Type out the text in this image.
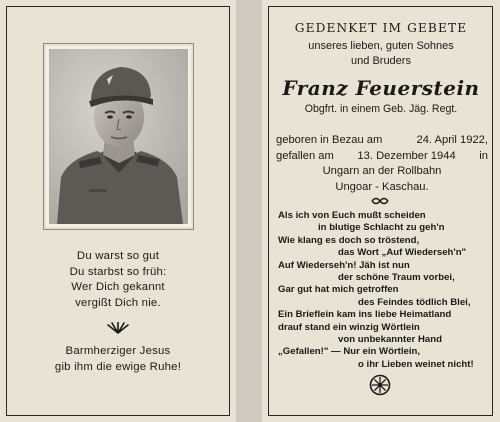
Du warst so gut
Du starbst so früh:
Wer Dich gekannt
vergißt Dich nie.
Barmherziger Jesus
gib ihm die ewige Ruhe!
GEDENKET IM GEBETE
unseres lieben, guten Sohnes
und Bruders
Franz Feuerstein
Obgfrt. in einem Geb. Jäg. Regt.
geboren in Bezau am	24. April 1922,
gefallen am 13. Dezember 1944 in
Ungarn an der Rollbahn
Ungoar - Kaschau.
Als ich von Euch mußt scheiden
in blutige Schlacht zu geh'n
Wie klang es doch so tröstend,
das Wort „Auf Wiederseh'n"
Auf Wiederseh'n! Jäh ist nun
der schöne Traum vorbei,
Gar gut hat mich getroffen
des Feindes tödlich Blei,
Ein Brieflein kam ins liebe Heimatland
drauf stand ein winzig Wörtlein
von unbekannter Hand
„Gefallen!" — Nur ein Wörtlein,
o ihr Lieben weinet nicht!
